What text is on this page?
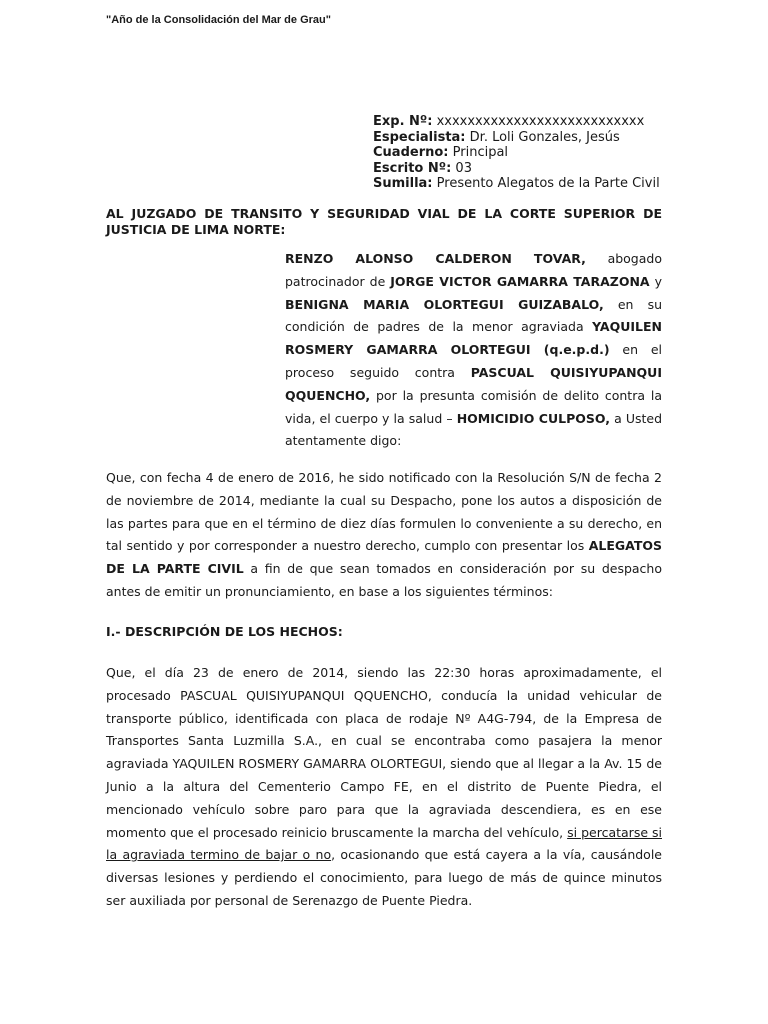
"Año de la Consolidación del Mar de Grau"
Exp. Nº: xxxxxxxxxxxxxxxxxxxxxxxxxxx
Especialista: Dr. Loli Gonzales, Jesús
Cuaderno: Principal
Escrito Nº: 03
Sumilla: Presento Alegatos de la Parte Civil
AL JUZGADO DE TRANSITO Y SEGURIDAD VIAL DE LA CORTE SUPERIOR DE JUSTICIA DE LIMA NORTE:
RENZO ALONSO CALDERON TOVAR, abogado patrocinador de JORGE VICTOR GAMARRA TARAZONA y BENIGNA MARIA OLORTEGUI GUIZABALO, en su condición de padres de la menor agraviada YAQUILEN ROSMERY GAMARRA OLORTEGUI (q.e.p.d.) en el proceso seguido contra PASCUAL QUISIYUPANQUI QQUENCHO, por la presunta comisión de delito contra la vida, el cuerpo y la salud – HOMICIDIO CULPOSO, a Usted atentamente digo:
Que, con fecha 4 de enero de 2016, he sido notificado con la Resolución S/N de fecha 2 de noviembre de 2014, mediante la cual su Despacho, pone los autos a disposición de las partes para que en el término de diez días formulen lo conveniente a su derecho, en tal sentido y por corresponder a nuestro derecho, cumplo con presentar los ALEGATOS DE LA PARTE CIVIL a fin de que sean tomados en consideración por su despacho antes de emitir un pronunciamiento, en base a los siguientes términos:
I.- DESCRIPCIÓN DE LOS HECHOS:
Que, el día 23 de enero de 2014, siendo las 22:30 horas aproximadamente, el procesado PASCUAL QUISIYUPANQUI QQUENCHO, conducía la unidad vehicular de transporte público, identificada con placa de rodaje Nº A4G-794, de la Empresa de Transportes Santa Luzmilla S.A., en cual se encontraba como pasajera la menor agraviada YAQUILEN ROSMERY GAMARRA OLORTEGUI, siendo que al llegar a la Av. 15 de Junio a la altura del Cementerio Campo FE, en el distrito de Puente Piedra, el mencionado vehículo sobre paro para que la agraviada descendiera, es en ese momento que el procesado reinicio bruscamente la marcha del vehículo, si percatarse si la agraviada termino de bajar o no, ocasionando que está cayera a la vía, causándole diversas lesiones y perdiendo el conocimiento, para luego de más de quince minutos ser auxiliada por personal de Serenazgo de Puente Piedra.
